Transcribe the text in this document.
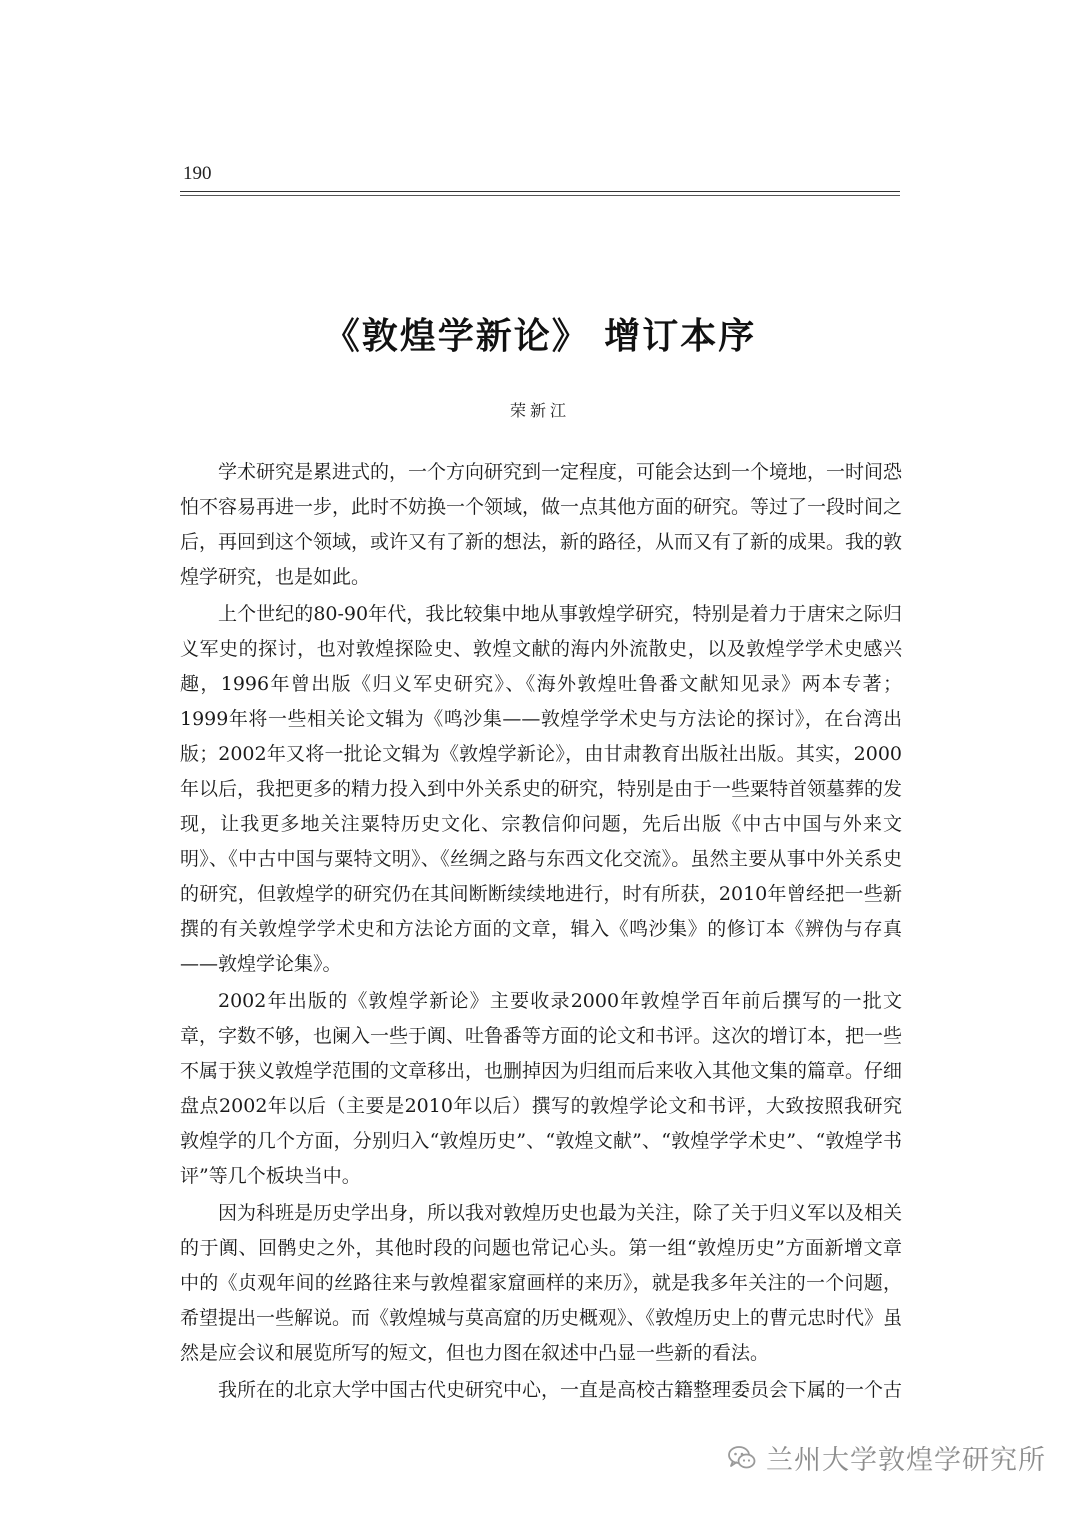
190
《敦煌学新论》 增订本序
荣新江

学术研究是累进式的，一个方向研究到一定程度，可能会达到一个境地，一时间恐怕不容易再进一步，此时不妨换一个领域，做一点其他方面的研究。等过了一段时间之后，再回到这个领域，或许又有了新的想法，新的路径，从而又有了新的成果。我的敦煌学研究，也是如此。

上个世纪的80-90年代，我比较集中地从事敦煌学研究，特别是着力于唐宋之际归义军史的探讨，也对敦煌探险史、敦煌文献的海内外流散史，以及敦煌学学术史感兴趣，1996年曾出版《归义军史研究》、《海外敦煌吐鲁番文献知见录》两本专著；1999年将一些相关论文辑为《鸣沙集——敦煌学学术史与方法论的探讨》，在台湾出版；2002年又将一批论文辑为《敦煌学新论》，由甘肃教育出版社出版。其实，2000年以后，我把更多的精力投入到中外关系史的研究，特别是由于一些粟特首领墓葬的发现，让我更多地关注粟特历史文化、宗教信仰问题，先后出版《中古中国与外来文明》、《中古中国与粟特文明》、《丝绸之路与东西文化交流》。虽然主要从事中外关系史的研究，但敦煌学的研究仍在其间断断续续地进行，时有所获，2010年曾经把一些新撰的有关敦煌学学术史和方法论方面的文章，辑入《鸣沙集》的修订本《辨伪与存真——敦煌学论集》。

2002年出版的《敦煌学新论》主要收录2000年敦煌学百年前后撰写的一批文章，字数不够，也阑入一些于阗、吐鲁番等方面的论文和书评。这次的增订本，把一些不属于狭义敦煌学范围的文章移出，也删掉因为归组而后来收入其他文集的篇章。仔细盘点2002年以后（主要是2010年以后）撰写的敦煌学论文和书评，大致按照我研究敦煌学的几个方面，分别归入“敦煌历史”、“敦煌文献”、“敦煌学学术史”、“敦煌学书评”等几个板块当中。

因为科班是历史学出身，所以我对敦煌历史也最为关注，除了关于归义军以及相关的于阗、回鹘史之外，其他时段的问题也常记心头。第一组“敦煌历史”方面新增文章中的《贞观年间的丝路往来与敦煌翟家窟画样的来历》，就是我多年关注的一个问题，希望提出一些解说。而《敦煌城与莫高窟的历史概观》、《敦煌历史上的曹元忠时代》虽然是应会议和展览所写的短文，但也力图在叙述中凸显一些新的看法。

我所在的北京大学中国古代史研究中心，一直是高校古籍整理委员会下属的一个古

兰州大学敦煌学研究所
